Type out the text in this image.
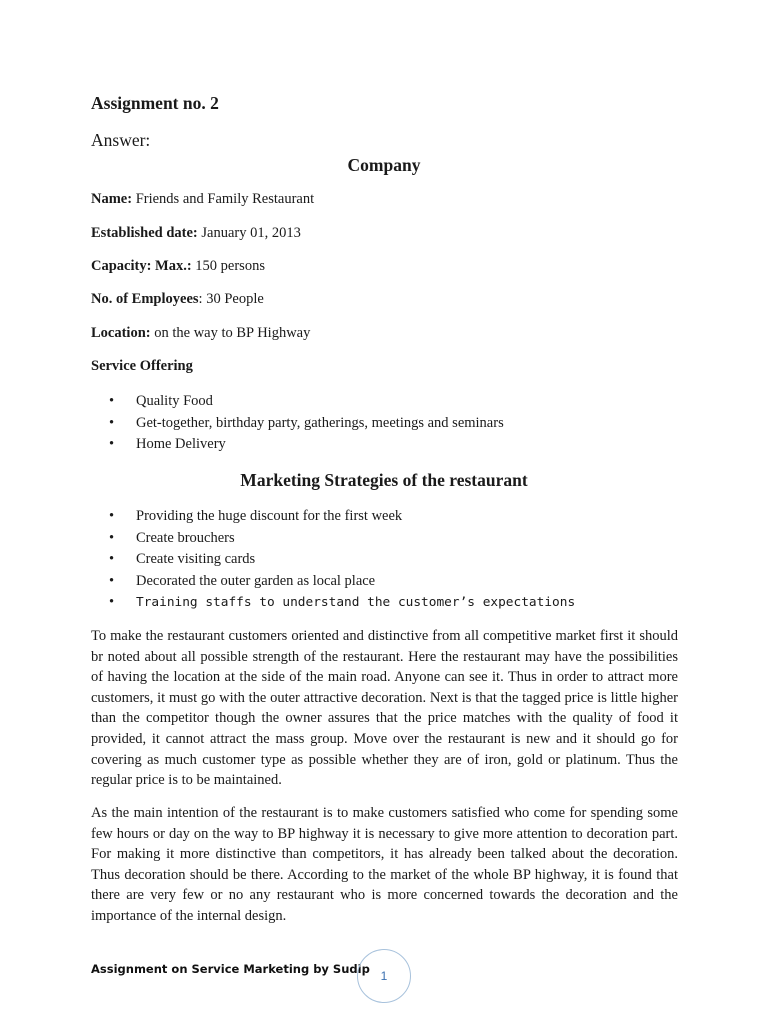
Assignment no. 2

Answer:

Company

Name: Friends and Family Restaurant

Established date: January 01, 2013

Capacity: Max.: 150 persons

No. of Employees: 30 People

Location: on the way to BP Highway

Service Offering

• Quality Food
• Get-together, birthday party, gatherings, meetings and seminars
• Home Delivery

Marketing Strategies of the restaurant

• Providing the huge discount for the first week
• Create brouchers
• Create visiting cards
• Decorated the outer garden as local place
• Training staffs to understand the customer’s expectations

To make the restaurant customers oriented and distinctive from all competitive market first it should br noted about all possible strength of the restaurant. Here the restaurant may have the possibilities of having the location at the side of the main road. Anyone can see it. Thus in order to attract more customers, it must go with the outer attractive decoration. Next is that the tagged price is little higher than the competitor though the owner assures that the price matches with the quality of food it provided, it cannot attract the mass group. Move over the restaurant is new and it should go for covering as much customer type as possible whether they are of iron, gold or platinum. Thus the regular price is to be maintained.

As the main intention of the restaurant is to make customers satisfied who come for spending some few hours or day on the way to BP highway it is necessary to give more attention to decoration part. For making it more distinctive than competitors, it has already been talked about the decoration. Thus decoration should be there. According to the market of the whole BP highway, it is found that there are very few or no any restaurant who is more concerned towards the decoration and the importance of the internal design.

Assignment on Service Marketing by Sudip 1
